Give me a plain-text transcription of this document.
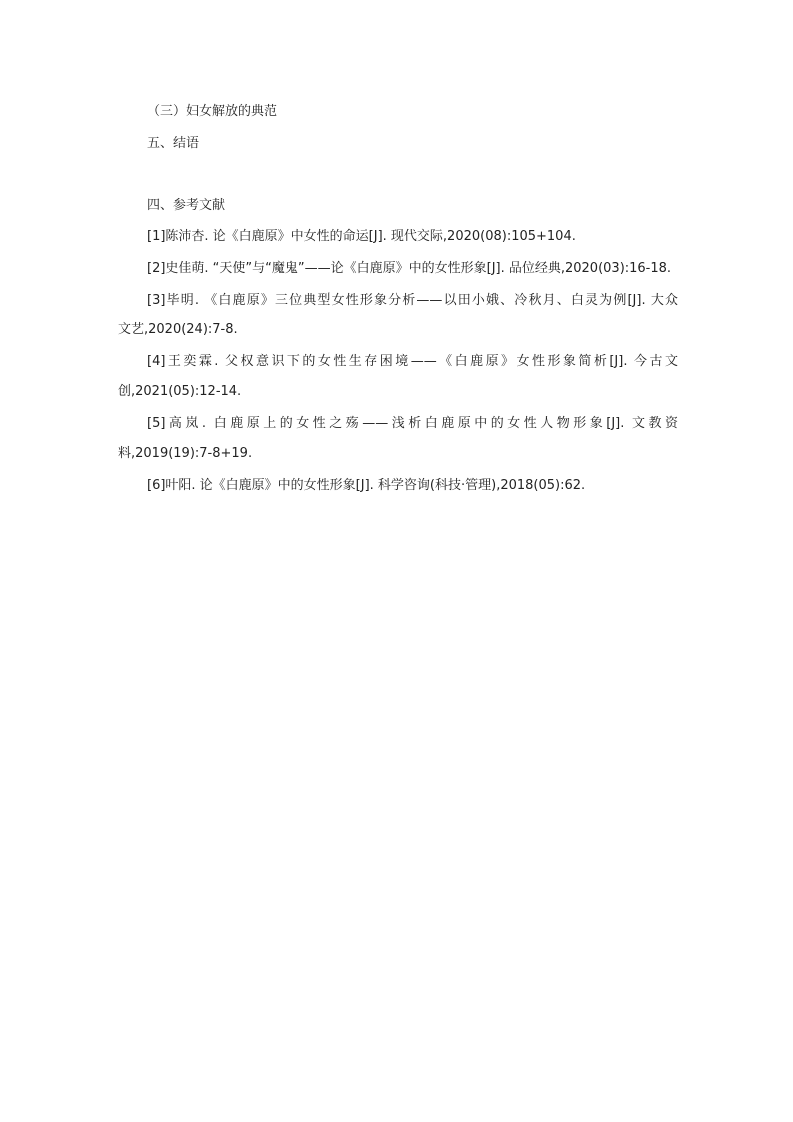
（三）妇女解放的典范
五、结语
四、参考文献
[1]陈沛杏. 论《白鹿原》中女性的命运[J]. 现代交际,2020(08):105+104.
[2]史佳萌. “天使”与“魔鬼”——论《白鹿原》中的女性形象[J]. 品位经典,2020(03):16-18.
[3]毕明. 《白鹿原》三位典型女性形象分析——以田小娥、冷秋月、白灵为例[J]. 大众
文艺,2020(24):7-8.
[4]王奕霖. 父权意识下的女性生存困境——《白鹿原》女性形象简析[J]. 今古文
创,2021(05):12-14.
[5]高岚. 白鹿原上的女性之殇——浅析白鹿原中的女性人物形象[J]. 文教资
料,2019(19):7-8+19.
[6]叶阳. 论《白鹿原》中的女性形象[J]. 科学咨询(科技·管理),2018(05):62.
